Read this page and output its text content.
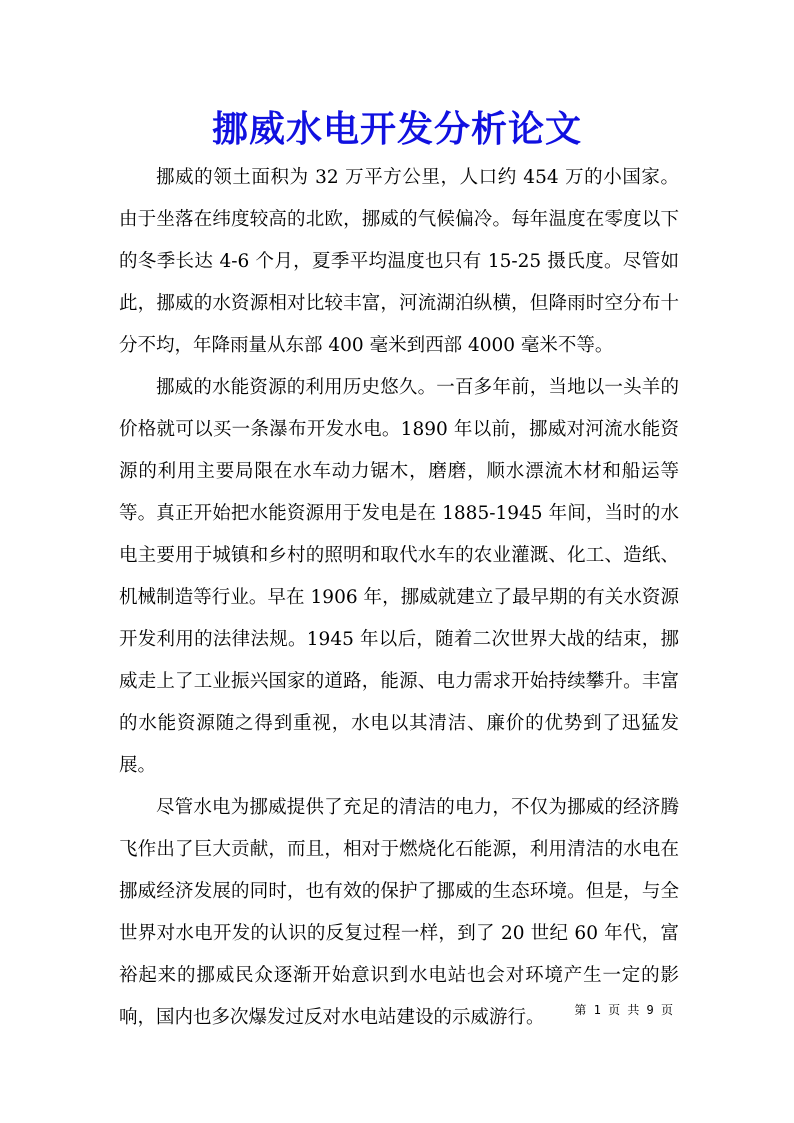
挪威水电开发分析论文

挪威的领土面积为 32 万平方公里，人口约 454 万的小国家。由于坐落在纬度较高的北欧，挪威的气候偏冷。每年温度在零度以下的冬季长达 4-6 个月，夏季平均温度也只有 15-25 摄氏度。尽管如此，挪威的水资源相对比较丰富，河流湖泊纵横，但降雨时空分布十分不均，年降雨量从东部 400 毫米到西部 4000 毫米不等。

挪威的水能资源的利用历史悠久。一百多年前，当地以一头羊的价格就可以买一条瀑布开发水电。1890 年以前，挪威对河流水能资源的利用主要局限在水车动力锯木，磨磨，顺水漂流木材和船运等等。真正开始把水能资源用于发电是在 1885-1945 年间，当时的水电主要用于城镇和乡村的照明和取代水车的农业灌溉、化工、造纸、机械制造等行业。早在 1906 年，挪威就建立了最早期的有关水资源开发利用的法律法规。1945 年以后，随着二次世界大战的结束，挪威走上了工业振兴国家的道路，能源、电力需求开始持续攀升。丰富的水能资源随之得到重视，水电以其清洁、廉价的优势到了迅猛发展。

尽管水电为挪威提供了充足的清洁的电力，不仅为挪威的经济腾飞作出了巨大贡献，而且，相对于燃烧化石能源，利用清洁的水电在挪威经济发展的同时，也有效的保护了挪威的生态环境。但是，与全世界对水电开发的认识的反复过程一样，到了 20 世纪 60 年代，富裕起来的挪威民众逐渐开始意识到水电站也会对环境产生一定的影响，国内也多次爆发过反对水电站建设的示威游行。	第 1 页 共 9 页
